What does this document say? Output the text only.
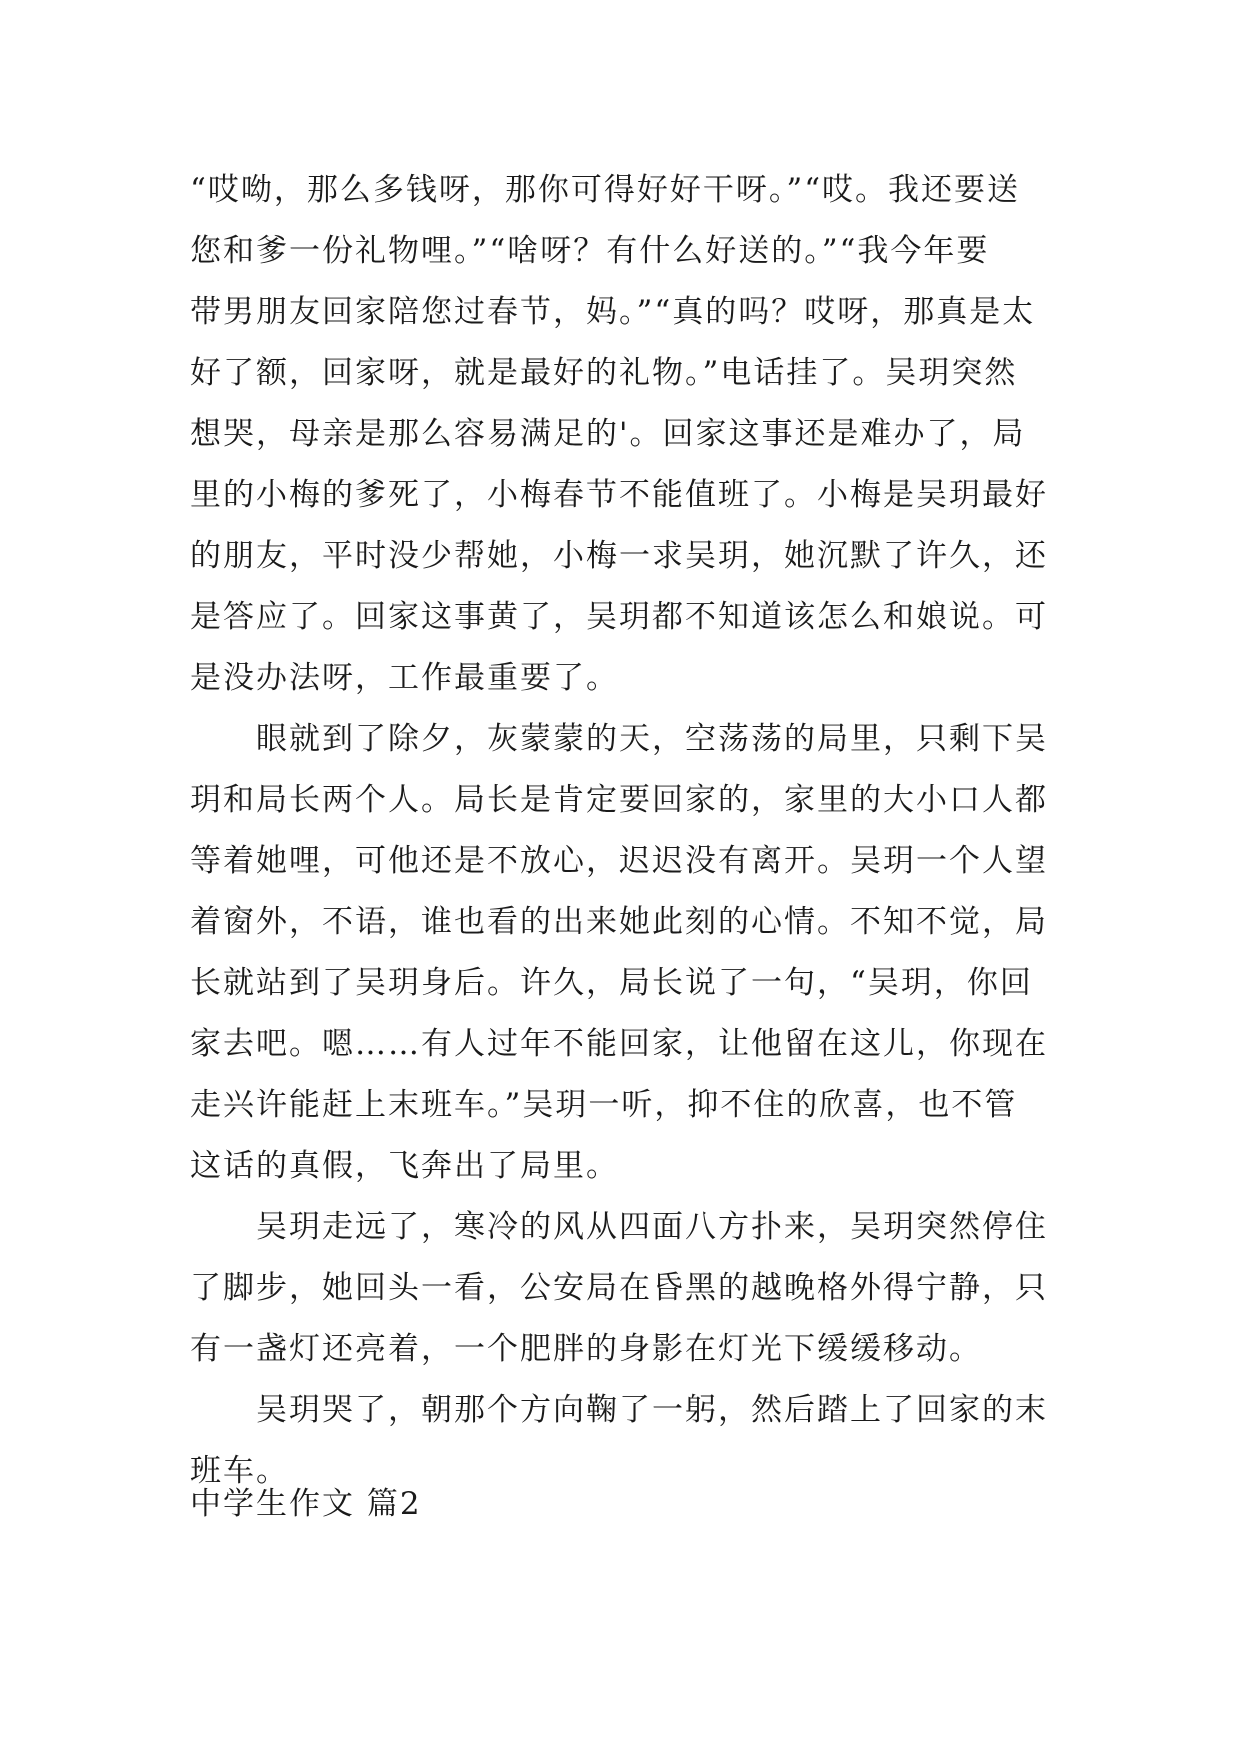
“哎呦，那么多钱呀，那你可得好好干呀。”“哎。我还要送
您和爹一份礼物哩。”“啥呀？有什么好送的。”“我今年要
带男朋友回家陪您过春节，妈。”“真的吗？哎呀，那真是太
好了额，回家呀，就是最好的礼物。”电话挂了。吴玥突然
想哭，母亲是那么容易满足的'。回家这事还是难办了，局
里的小梅的爹死了，小梅春节不能值班了。小梅是吴玥最好
的朋友，平时没少帮她，小梅一求吴玥，她沉默了许久，还
是答应了。回家这事黄了，吴玥都不知道该怎么和娘说。可
是没办法呀，工作最重要了。
眼就到了除夕，灰蒙蒙的天，空荡荡的局里，只剩下吴
玥和局长两个人。局长是肯定要回家的，家里的大小口人都
等着她哩，可他还是不放心，迟迟没有离开。吴玥一个人望
着窗外，不语，谁也看的出来她此刻的心情。不知不觉，局
长就站到了吴玥身后。许久，局长说了一句，“吴玥，你回
家去吧。嗯……有人过年不能回家，让他留在这儿，你现在
走兴许能赶上末班车。”吴玥一听，抑不住的欣喜，也不管
这话的真假，飞奔出了局里。
吴玥走远了，寒冷的风从四面八方扑来，吴玥突然停住
了脚步，她回头一看，公安局在昏黑的越晚格外得宁静，只
有一盏灯还亮着，一个肥胖的身影在灯光下缓缓移动。
吴玥哭了，朝那个方向鞠了一躬，然后踏上了回家的末
班车。
中学生作文 篇2
